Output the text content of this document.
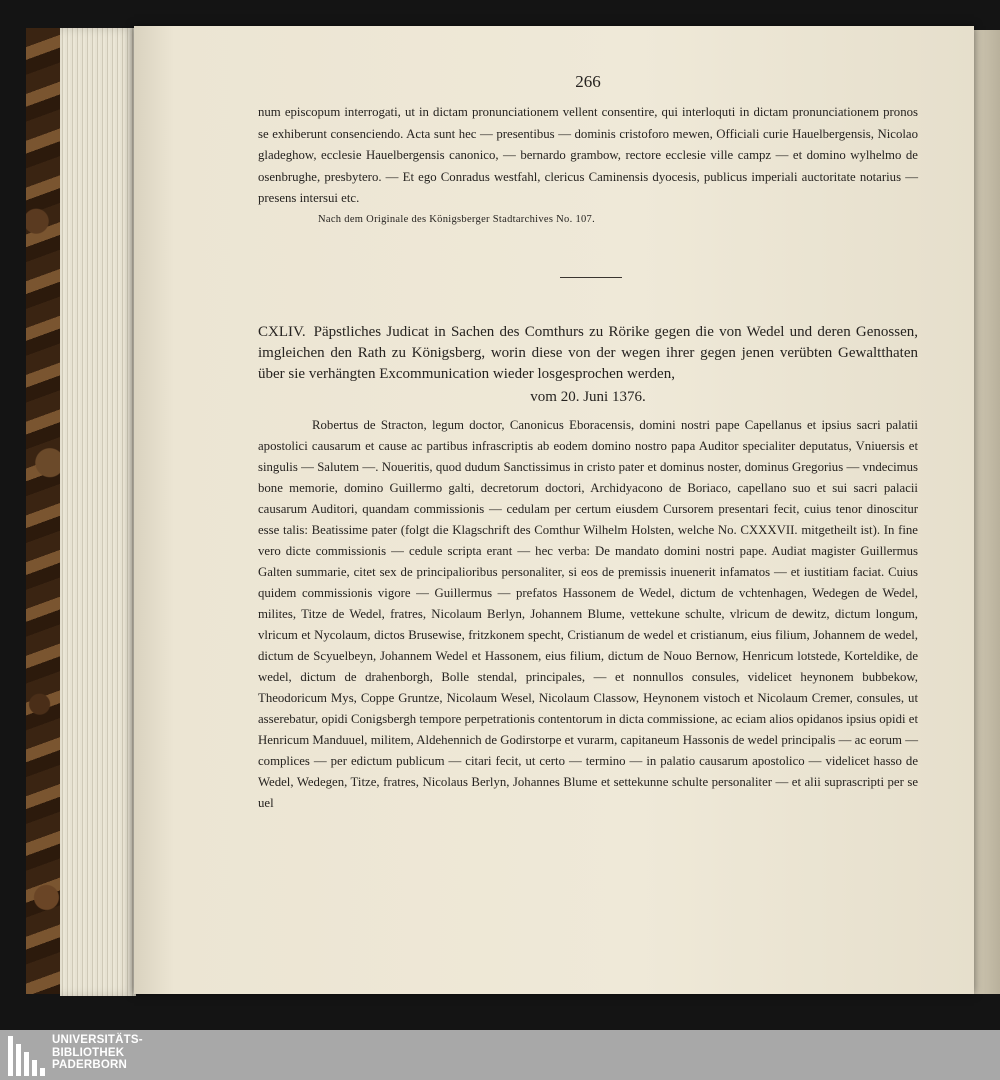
266

num episcopum interrogati, ut in dictam pronunciationem vellent consentire, qui interloquti in dictam pronunciationem pronos se exhiberunt consenciendo. Acta sunt hec — presentibus — dominis cristoforo mewen, Officiali curie Hauelbergensis, Nicolao gladeghow, ecclesie Hauelbergensis canonico, — bernardo grambow, rectore ecclesie ville campz — et domino wylhelmo de osenbrughe, presbytero. — Et ego Conradus westfahl, clericus Caminensis dyocesis, publicus imperiali auctoritate notarius — presens intersui etc.

Nach dem Originale des Königsberger Stadtarchives No. 107.
CXLIV. Päpstliches Judicat in Sachen des Comthurs zu Rörike gegen die von Wedel und deren Genossen, imgleichen den Rath zu Königsberg, worin diese von der wegen ihrer gegen jenen verübten Gewaltthaten über sie verhängten Excommunication wieder losgesprochen werden,
vom 20. Juni 1376.

Robertus de Stracton, legum doctor, Canonicus Eboracensis, domini nostri pape Capellanus et ipsius sacri palatii apostolici causarum et cause ac partibus infrascriptis ab eodem domino nostro papa Auditor specialiter deputatus, Vniuersis et singulis — Salutem —. Noueritis, quod dudum Sanctissimus in cristo pater et dominus noster, dominus Gregorius — vndecimus bone memorie, domino Guillermo galti, decretorum doctori, Archidyacono de Boriaco, capellano suo et sui sacri palacii causarum Auditori, quandam commissionis — cedulam per certum eiusdem Cursorem presentari fecit, cuius tenor dinoscitur esse talis: Beatissime pater (folgt die Klagschrift des Comthur Wilhelm Holsten, welche No. CXXXVII. mitgetheilt ist). In fine vero dicte commissionis — cedule scripta erant — hec verba: De mandato domini nostri pape. Audiat magister Guillermus Galten summarie, citet sex de principalioribus personaliter, si eos de premissis inuenerit infamatos — et iustitiam faciat. Cuius quidem commissionis vigore — Guillermus — prefatos Hassonem de Wedel, dictum de vchtenhagen, Wedegen de Wedel, milites, Titze de Wedel, fratres, Nicolaum Berlyn, Johannem Blume, vettekune schulte, vlricum de dewitz, dictum longum, vlricum et Nycolaum, dictos Brusewise, fritzkonem specht, Cristianum de wedel et cristianum, eius filium, Johannem de wedel, dictum de Scyuelbeyn, Johannem Wedel et Hassonem, eius filium, dictum de Nouo Bernow, Henricum lotstede, Korteldike, de wedel, dictum de drahenborgh, Bolle stendal, principales, — et nonnullos consules, videlicet heynonem bubbekow, Theodoricum Mys, Coppe Gruntze, Nicolaum Wesel, Nicolaum Classow, Heynonem vistoch et Nicolaum Cremer, consules, ut asserebatur, opidi Conigsbergh tempore perpetrationis contentorum in dicta commissione, ac eciam alios opidanos ipsius opidi et Henricum Manduuel, militem, Aldehennich de Godirstorpe et vurarm, capitaneum Hassonis de wedel principalis — ac eorum — complices — per edictum publicum — citari fecit, ut certo — termino — in palatio causarum apostolico — videlicet hasso de Wedel, Wedegen, Titze, fratres, Nicolaus Berlyn, Johannes Blume et settekunne schulte personaliter — et alii suprascripti per se uel

UNIVERSITÄTS-
BIBLIOTHEK
PADERBORN
